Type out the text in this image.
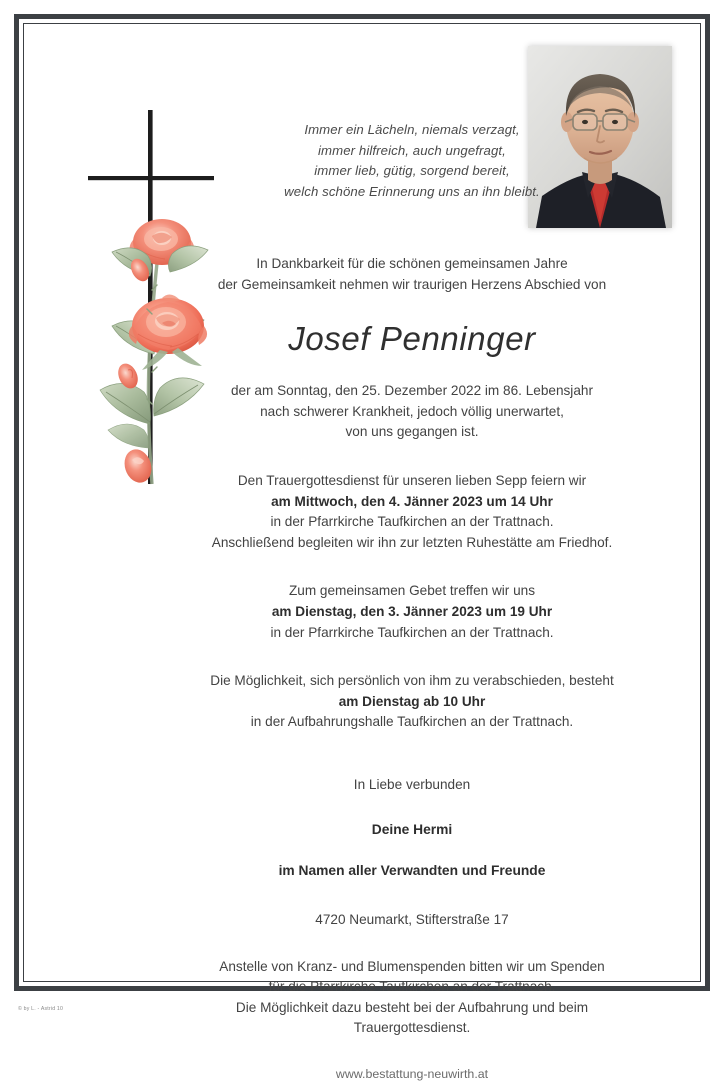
Immer ein Lächeln, niemals verzagt,
immer hilfreich, auch ungefragt,
immer lieb, gütig, sorgend bereit,
welch schöne Erinnerung uns an ihn bleibt.
In Dankbarkeit für die schönen gemeinsamen Jahre
der Gemeinsamkeit nehmen wir traurigen Herzens Abschied von
Josef Penninger
der am Sonntag, den 25. Dezember 2022 im 86. Lebensjahr
nach schwerer Krankheit, jedoch völlig unerwartet,
von uns gegangen ist.
Den Trauergottesdienst für unseren lieben Sepp feiern wir
am Mittwoch, den 4. Jänner 2023 um 14 Uhr
in der Pfarrkirche Taufkirchen an der Trattnach.
Anschließend begleiten wir ihn zur letzten Ruhestätte am Friedhof.
Zum gemeinsamen Gebet treffen wir uns
am Dienstag, den 3. Jänner 2023 um 19 Uhr
in der Pfarrkirche Taufkirchen an der Trattnach.
Die Möglichkeit, sich persönlich von ihm zu verabschieden, besteht
am Dienstag ab 10 Uhr
in der Aufbahrungshalle Taufkirchen an der Trattnach.
In Liebe verbunden
Deine Hermi
im Namen aller Verwandten und Freunde
4720 Neumarkt, Stifterstraße 17
Anstelle von Kranz- und Blumenspenden bitten wir um Spenden
für die Pfarrkirche Taufkirchen an der Trattnach.
Die Möglichkeit dazu besteht bei der Aufbahrung und beim Trauergottesdienst.
www.bestattung-neuwirth.at
© by L. - Astrid 10
